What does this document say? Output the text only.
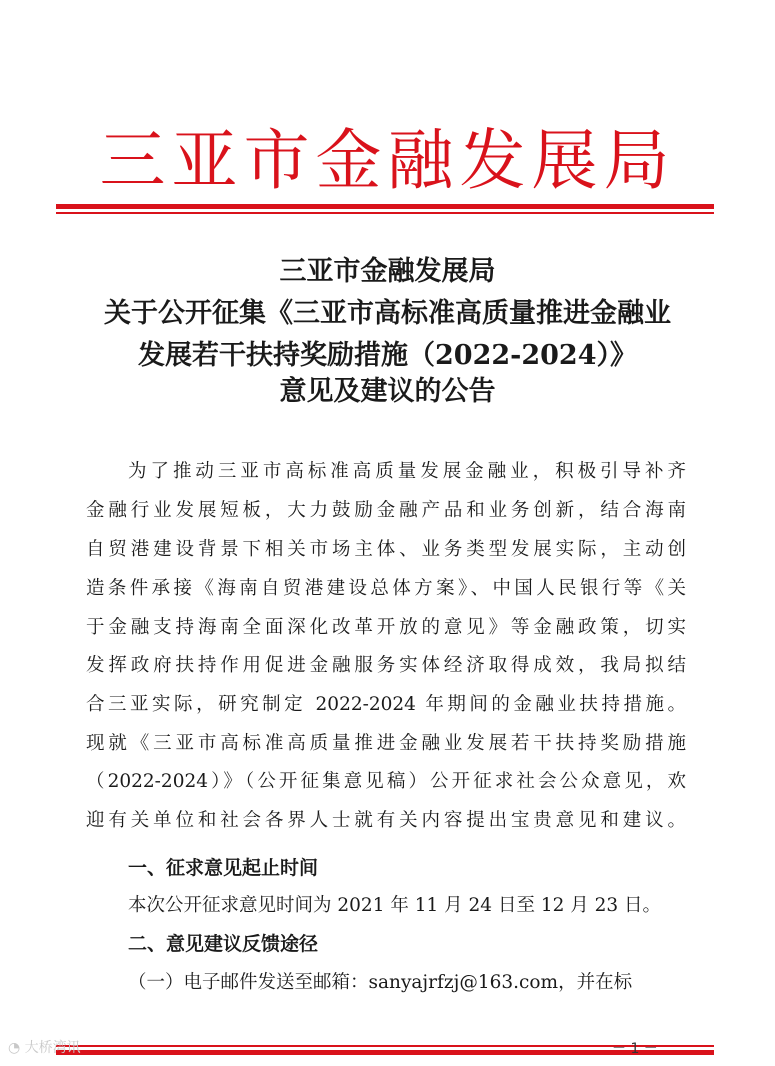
三亚市金融发展局
三亚市金融发展局
关于公开征集《三亚市高标准高质量推进金融业
发展若干扶持奖励措施（2022-2024）》
意见及建议的公告
为了推动三亚市高标准高质量发展金融业，积极引导补齐
金融行业发展短板，大力鼓励金融产品和业务创新，结合海南
自贸港建设背景下相关市场主体、业务类型发展实际，主动创
造条件承接《海南自贸港建设总体方案》、中国人民银行等《关
于金融支持海南全面深化改革开放的意见》等金融政策，切实
发挥政府扶持作用促进金融服务实体经济取得成效，我局拟结
合三亚实际，研究制定 2022-2024 年期间的金融业扶持措施。
现就《三亚市高标准高质量推进金融业发展若干扶持奖励措施
（2022-2024）》（公开征集意见稿）公开征求社会公众意见，欢
迎有关单位和社会各界人士就有关内容提出宝贵意见和建议。
一、征求意见起止时间
本次公开征求意见时间为 2021 年 11 月 24 日至 12 月 23 日。
二、意见建议反馈途径
（一）电子邮件发送至邮箱：sanyajrfzj@163.com，并在标
◔ 大桥湾讯	－ 1 －
